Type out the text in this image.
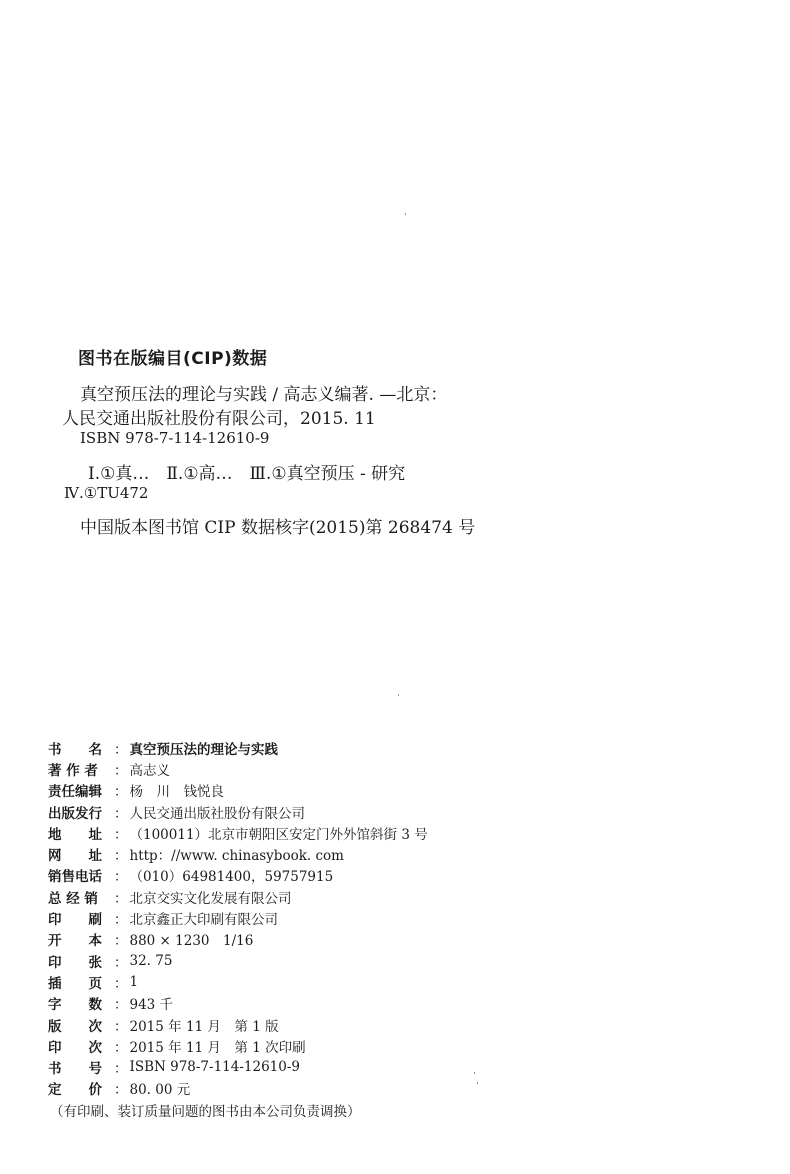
图书在版编目(CIP)数据
真空预压法的理论与实践 / 高志义编著. —北京：
人民交通出版社股份有限公司，2015. 11
ISBN 978-7-114-12610-9
Ⅰ.①真…　Ⅱ.①高…　Ⅲ.①真空预压 - 研究
Ⅳ.①TU472
中国版本图书馆 CIP 数据核字(2015)第 268474 号
书　　名 ： 真空预压法的理论与实践
著 作 者	： 高志义
责任编辑 ： 杨　川　钱悦良
出版发行 ： 人民交通出版社股份有限公司
地　　址 ： （100011）北京市朝阳区安定门外外馆斜街 3 号
网　　址 ： http：//www. chinasybook. com
销售电话 ： （010）64981400，59757915
总 经 销	： 北京交实文化发展有限公司
印　　刷 ： 北京鑫正大印刷有限公司
开　　本 ： 880 × 1230　1/16
印　　张 ： 32. 75
插　　页 ： 1
字　　数 ： 943 千
版　　次 ： 2015 年 11 月　第 1 版
印　　次 ： 2015 年 11 月　第 1 次印刷
书　　号 ： ISBN 978-7-114-12610-9
定　　价 ： 80. 00 元
（有印刷、装订质量问题的图书由本公司负责调换）
